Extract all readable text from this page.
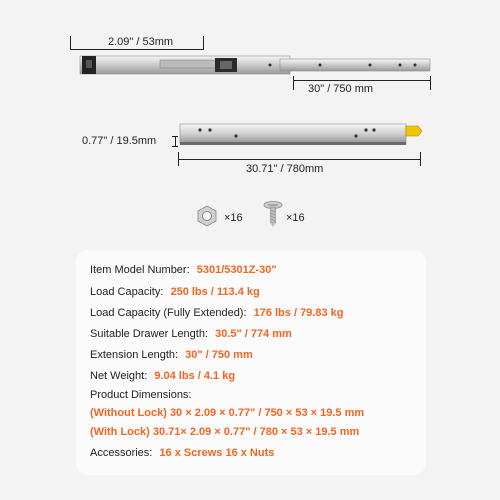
2.09" / 53mm
30" / 750 mm
0.77" / 19.5mm
30.71" / 780mm
×16	×16
Item Model Number: 5301/5301Z-30"
Load Capacity: 250 lbs / 113.4 kg
Load Capacity (Fully Extended): 176 lbs / 79.83 kg
Suitable Drawer Length: 30.5" / 774 mm
Extension Length: 30" / 750 mm
Net Weight: 9.04 lbs / 4.1 kg
Product Dimensions:
(Without Lock) 30 × 2.09 × 0.77" / 750 × 53 × 19.5 mm
(With Lock) 30.71× 2.09 × 0.77" / 780 × 53 × 19.5 mm
Accessories: 16 x Screws 16 x Nuts
